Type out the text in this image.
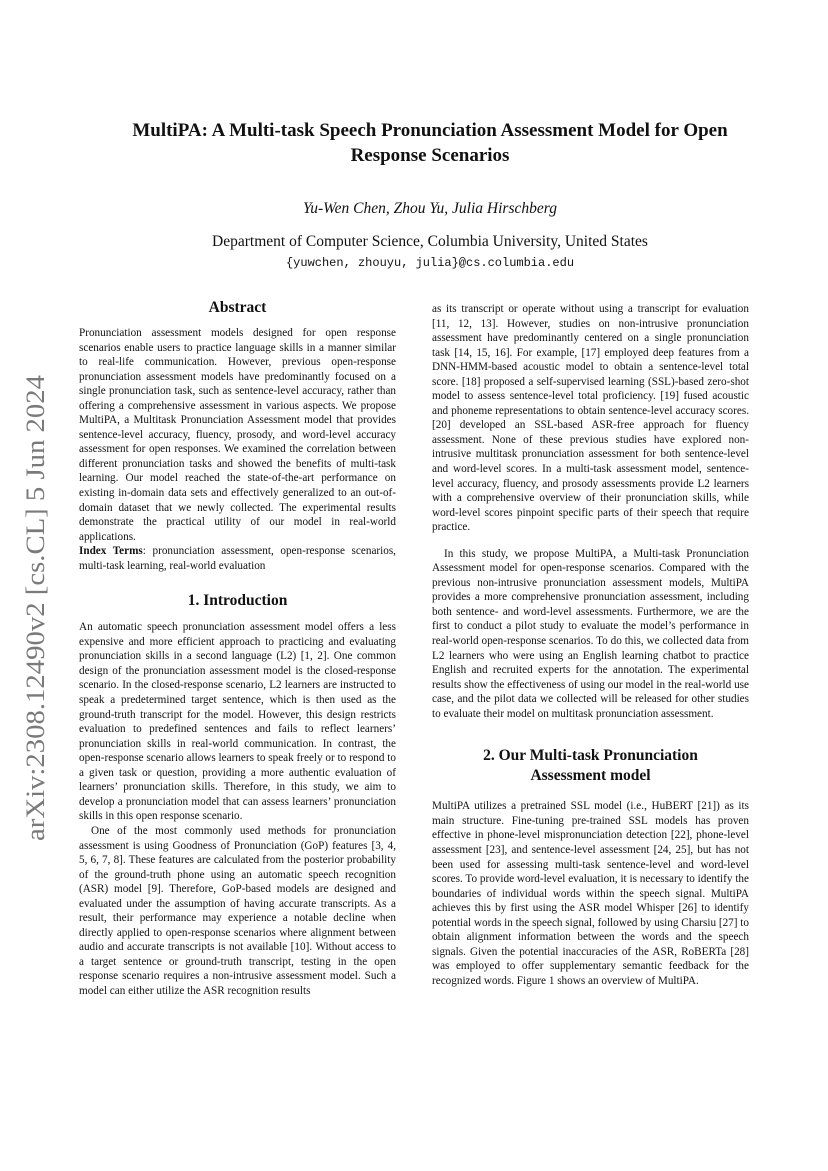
arXiv:2308.12490v2 [cs.CL] 5 Jun 2024
MultiPA: A Multi-task Speech Pronunciation Assessment Model for Open
Response Scenarios
Yu-Wen Chen, Zhou Yu, Julia Hirschberg
Department of Computer Science, Columbia University, United States
{yuwchen, zhouyu, julia}@cs.columbia.edu
Abstract

Pronunciation assessment models designed for open response scenarios enable users to practice language skills in a manner similar to real-life communication. However, previous open-response pronunciation assessment models have predominantly focused on a single pronunciation task, such as sentence-level accuracy, rather than offering a comprehensive assessment in various aspects. We propose MultiPA, a Multitask Pronunciation Assessment model that provides sentence-level accuracy, fluency, prosody, and word-level accuracy assessment for open responses. We examined the correlation between different pronunciation tasks and showed the benefits of multi-task learning. Our model reached the state-of-the-art performance on existing in-domain data sets and effectively generalized to an out-of-domain dataset that we newly collected. The experimental results demonstrate the practical utility of our model in real-world applications.

Index Terms: pronunciation assessment, open-response scenarios, multi-task learning, real-world evaluation

1. Introduction

An automatic speech pronunciation assessment model offers a less expensive and more efficient approach to practicing and evaluating pronunciation skills in a second language (L2) [1, 2]. One common design of the pronunciation assessment model is the closed-response scenario. In the closed-response scenario, L2 learners are instructed to speak a predetermined target sentence, which is then used as the ground-truth transcript for the model. However, this design restricts evaluation to predefined sentences and fails to reflect learners’ pronunciation skills in real-world communication. In contrast, the open-response scenario allows learners to speak freely or to respond to a given task or question, providing a more authentic evaluation of learners’ pronunciation skills. Therefore, in this study, we aim to develop a pronunciation model that can assess learners’ pronunciation skills in this open response scenario.

One of the most commonly used methods for pronunciation assessment is using Goodness of Pronunciation (GoP) features [3, 4, 5, 6, 7, 8]. These features are calculated from the posterior probability of the ground-truth phone using an automatic speech recognition (ASR) model [9]. Therefore, GoP-based models are designed and evaluated under the assumption of having accurate transcripts. As a result, their performance may experience a notable decline when directly applied to open-response scenarios where alignment between audio and accurate transcripts is not available [10]. Without access to a target sentence or ground-truth transcript, testing in the open response scenario requires a non-intrusive assessment model. Such a model can either utilize the ASR recognition results

as its transcript or operate without using a transcript for evaluation [11, 12, 13]. However, studies on non-intrusive pronunciation assessment have predominantly centered on a single pronunciation task [14, 15, 16]. For example, [17] employed deep features from a DNN-HMM-based acoustic model to obtain a sentence-level total score. [18] proposed a self-supervised learning (SSL)-based zero-shot model to assess sentence-level total proficiency. [19] fused acoustic and phoneme representations to obtain sentence-level accuracy scores. [20] developed an SSL-based ASR-free approach for fluency assessment. None of these previous studies have explored non-intrusive multitask pronunciation assessment for both sentence-level and word-level scores. In a multi-task assessment model, sentence-level accuracy, fluency, and prosody assessments provide L2 learners with a comprehensive overview of their pronunciation skills, while word-level scores pinpoint specific parts of their speech that require practice.

In this study, we propose MultiPA, a Multi-task Pronunciation Assessment model for open-response scenarios. Compared with the previous non-intrusive pronunciation assessment models, MultiPA provides a more comprehensive pronunciation assessment, including both sentence- and word-level assessments. Furthermore, we are the first to conduct a pilot study to evaluate the model’s performance in real-world open-response scenarios. To do this, we collected data from L2 learners who were using an English learning chatbot to practice English and recruited experts for the annotation. The experimental results show the effectiveness of using our model in the real-world use case, and the pilot data we collected will be released for other studies to evaluate their model on multitask pronunciation assessment.

2. Our Multi-task Pronunciation
Assessment model

MultiPA utilizes a pretrained SSL model (i.e., HuBERT [21]) as its main structure. Fine-tuning pre-trained SSL models has proven effective in phone-level mispronunciation detection [22], phone-level assessment [23], and sentence-level assessment [24, 25], but has not been used for assessing multi-task sentence-level and word-level scores. To provide word-level evaluation, it is necessary to identify the boundaries of individual words within the speech signal. MultiPA achieves this by first using the ASR model Whisper [26] to identify potential words in the speech signal, followed by using Charsiu [27] to obtain alignment information between the words and the speech signals. Given the potential inaccuracies of the ASR, RoBERTa [28] was employed to offer supplementary semantic feedback for the recognized words. Figure 1 shows an overview of MultiPA.
